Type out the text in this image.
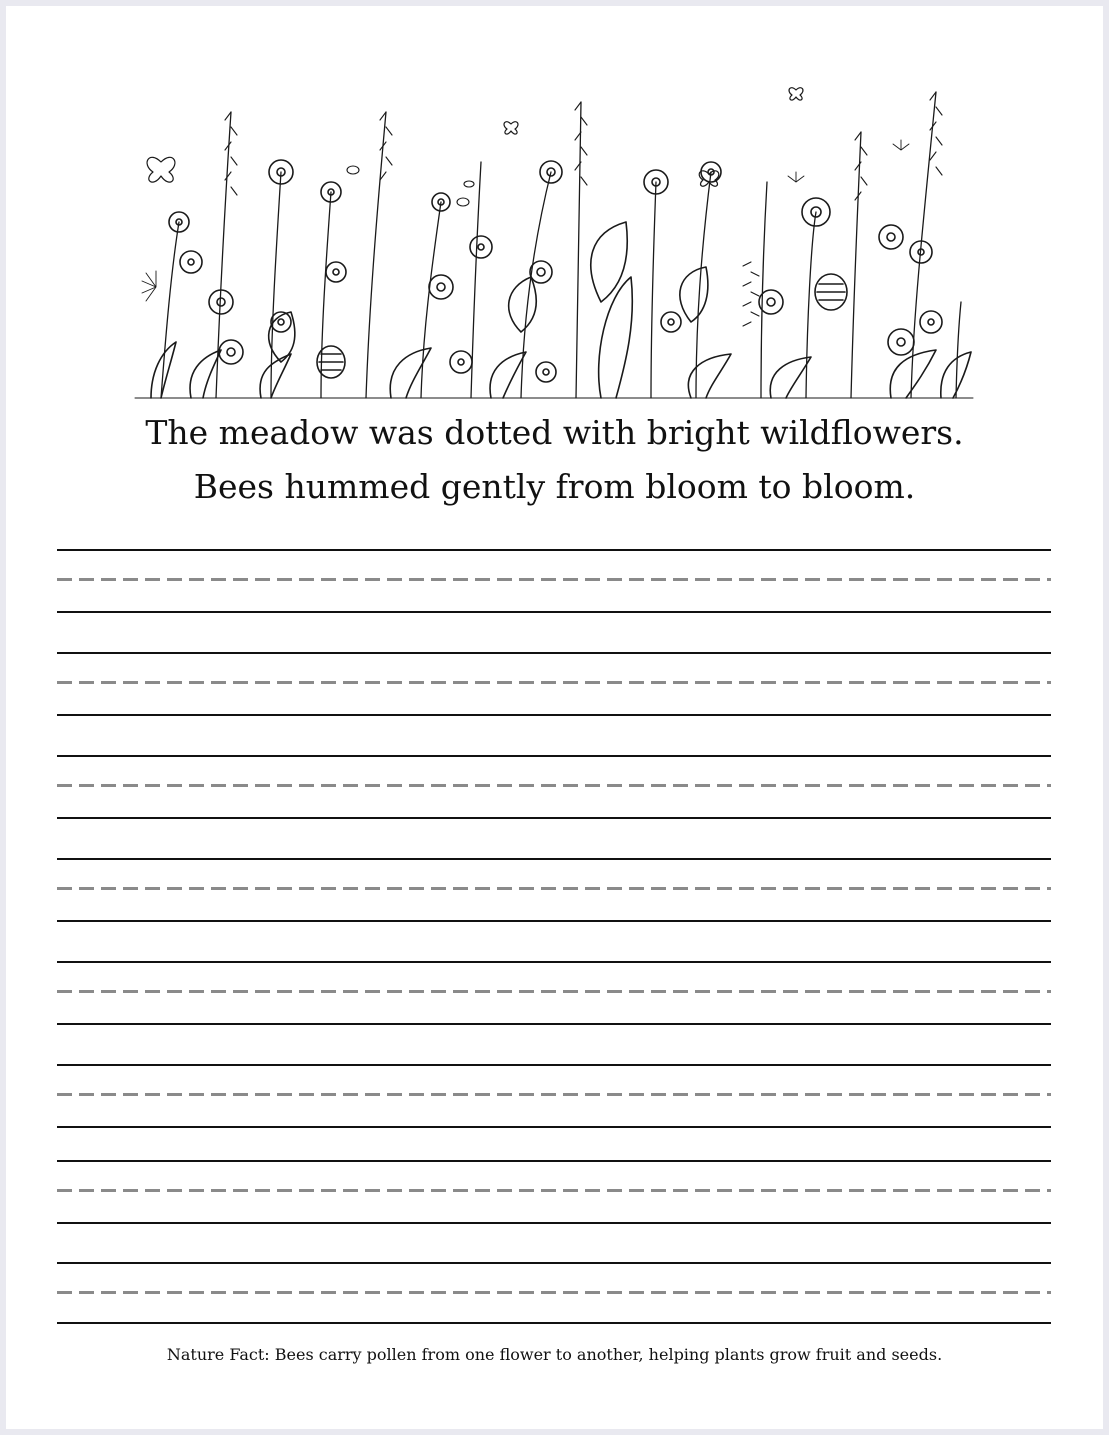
The meadow was dotted with bright wildflowers.
Bees hummed gently from bloom to bloom.
Nature Fact: Bees carry pollen from one flower to another, helping plants grow fruit and seeds.
